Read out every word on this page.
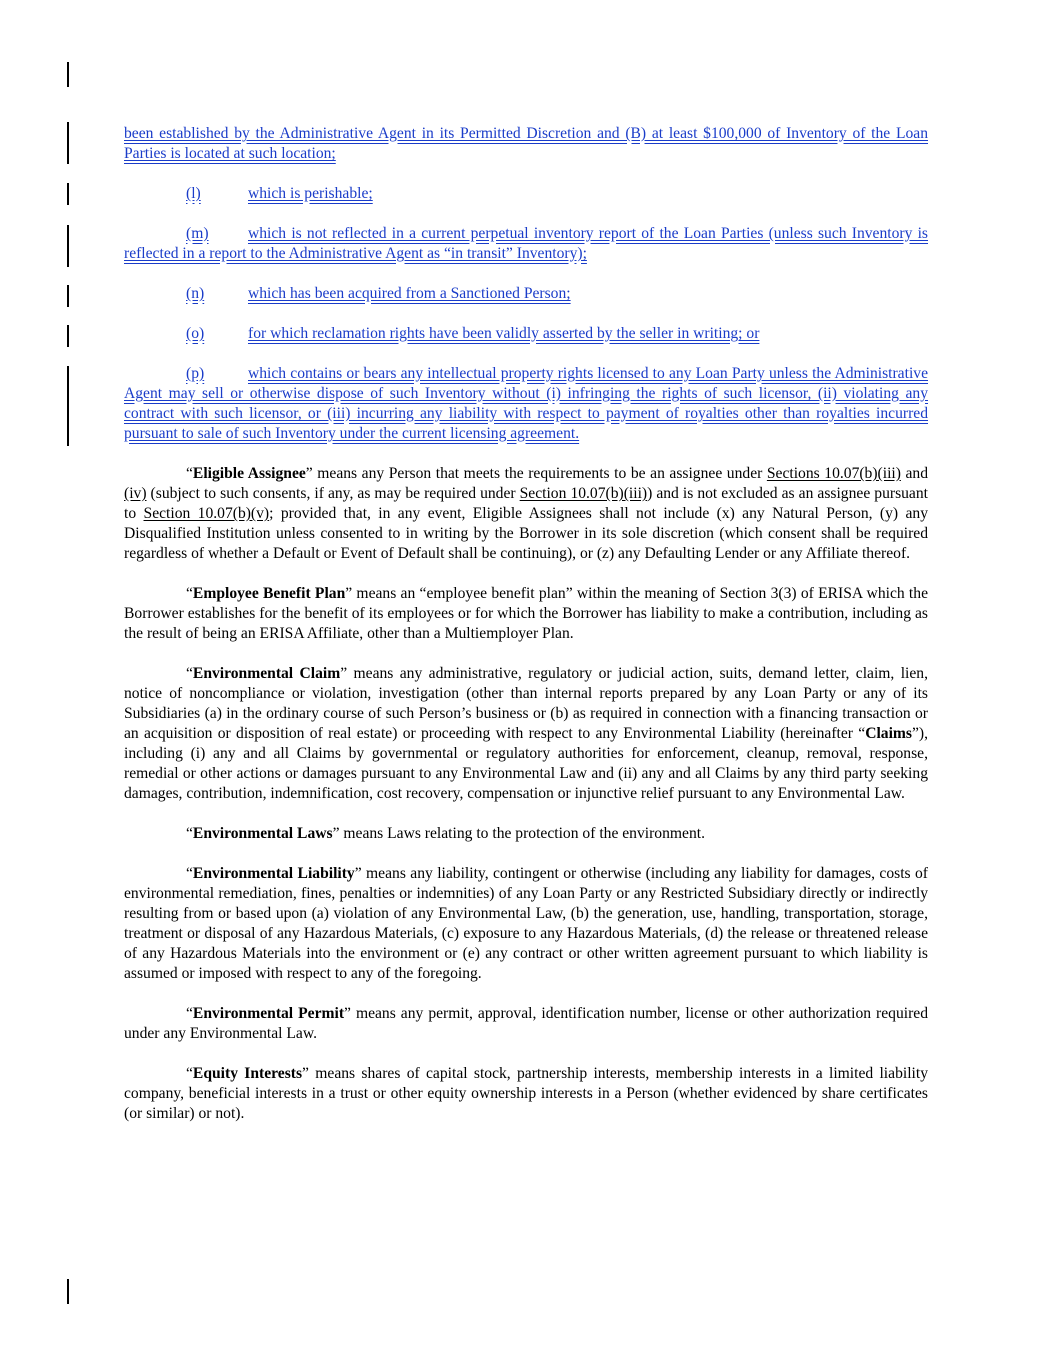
been established by the Administrative Agent in its Permitted Discretion and (B) at least $100,000 of Inventory of the Loan Parties is located at such location;

(l)	which is perishable;

(m)	which is not reflected in a current perpetual inventory report of the Loan Parties (unless such Inventory is reflected in a report to the Administrative Agent as “in transit” Inventory);

(n)	which has been acquired from a Sanctioned Person;

(o)	for which reclamation rights have been validly asserted by the seller in writing; or

(p)	which contains or bears any intellectual property rights licensed to any Loan Party unless the Administrative Agent may sell or otherwise dispose of such Inventory without (i) infringing the rights of such licensor, (ii) violating any contract with such licensor, or (iii) incurring any liability with respect to payment of royalties other than royalties incurred pursuant to sale of such Inventory under the current licensing agreement.

“Eligible Assignee” means any Person that meets the requirements to be an assignee under Sections 10.07(b)(iii) and (iv) (subject to such consents, if any, as may be required under Section 10.07(b)(iii)) and is not excluded as an assignee pursuant to Section 10.07(b)(v); provided that, in any event, Eligible Assignees shall not include (x) any Natural Person, (y) any Disqualified Institution unless consented to in writing by the Borrower in its sole discretion (which consent shall be required regardless of whether a Default or Event of Default shall be continuing), or (z) any Defaulting Lender or any Affiliate thereof.

“Employee Benefit Plan” means an “employee benefit plan” within the meaning of Section 3(3) of ERISA which the Borrower establishes for the benefit of its employees or for which the Borrower has liability to make a contribution, including as the result of being an ERISA Affiliate, other than a Multiemployer Plan.

“Environmental Claim” means any administrative, regulatory or judicial action, suits, demand letter, claim, lien, notice of noncompliance or violation, investigation (other than internal reports prepared by any Loan Party or any of its Subsidiaries (a) in the ordinary course of such Person’s business or (b) as required in connection with a financing transaction or an acquisition or disposition of real estate) or proceeding with respect to any Environmental Liability (hereinafter “Claims”), including (i) any and all Claims by governmental or regulatory authorities for enforcement, cleanup, removal, response, remedial or other actions or damages pursuant to any Environmental Law and (ii) any and all Claims by any third party seeking damages, contribution, indemnification, cost recovery, compensation or injunctive relief pursuant to any Environmental Law.

“Environmental Laws” means Laws relating to the protection of the environment.

“Environmental Liability” means any liability, contingent or otherwise (including any liability for damages, costs of environmental remediation, fines, penalties or indemnities) of any Loan Party or any Restricted Subsidiary directly or indirectly resulting from or based upon (a) violation of any Environmental Law, (b) the generation, use, handling, transportation, storage, treatment or disposal of any Hazardous Materials, (c) exposure to any Hazardous Materials, (d) the release or threatened release of any Hazardous Materials into the environment or (e) any contract or other written agreement pursuant to which liability is assumed or imposed with respect to any of the foregoing.

“Environmental Permit” means any permit, approval, identification number, license or other authorization required under any Environmental Law.

“Equity Interests” means shares of capital stock, partnership interests, membership interests in a limited liability company, beneficial interests in a trust or other equity ownership interests in a Person (whether evidenced by share certificates (or similar) or not).
